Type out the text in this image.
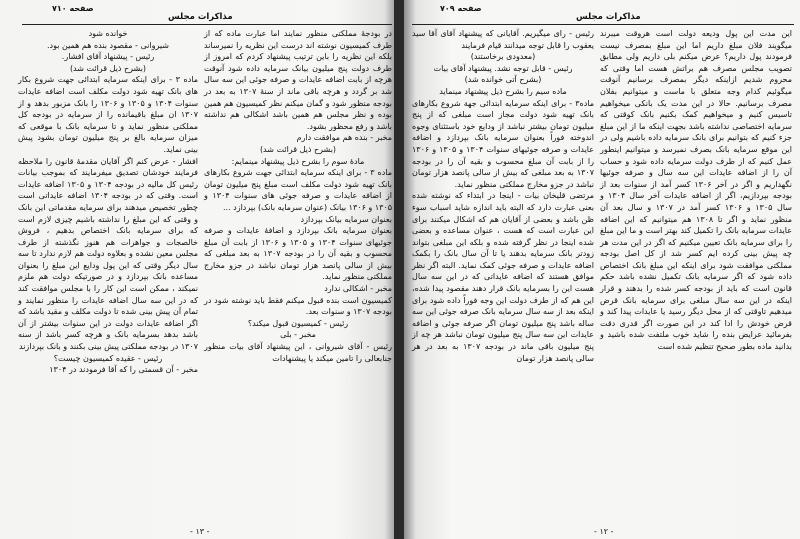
صفحه ۷۱۰
مذاکرات مجلس

در بودجهٔ مملکتی منظور نمایند اما عبارت ماده که از طرف کمیسیون نوشته اند درست این نظریه را نمیرساند بلکه این نظریه را باین ترتیب پیشنهاد کردم که امروز از طرف دولت پنج میلیون بیانک سرمایه داده شود آنوقت هرچه از بابت اضافه عایدات و صرفه جوئی این سه سال شد بر گردد و هرچه باقی ماند از سنهٔ ۱۳۰۷ به بعد در بودجه منظور شود و گمان میکنم نظر کمیسیون هم همین بوده و نظر مجلس هم همین باشد اشکالی هم نداشته باشد و رفع محظور بشود.

مخبر - بنده هم موافقت دارم

(بشرح ذیل قرائت شد)

مادهٔ سوم را بشرح ذیل پیشنهاد مینمایم:

ماده ۳ - برای اینکه سرمایه ابتدائی جهت شروع بکارهای بانک تهیه شود دولت مکلف است مبلغ پنج میلیون تومان از اضافه عایدات و صرفه جوئی های سنوات ۱۳۰۴ و ۱۳۰۵ و ۱۳۰۶ بیانک (عنوان سرمایه بانک) بپردازد ...

بعنوان سرمایه بیانک بپردازد

بعنوان سرمایه بانک بپردازد و اضافهٔ عایدات و صرفه جوئیهای سنوات ۱۳۰۴ و ۱۳۰۵ و ۱۳۰۶ از بابت آن مبلغ محسوب و بقیه آن را در بودجه ۱۳۰۷ به بعد مبلغی که بیش از سالی پانصد هزار تومان نباشد در جزو مخارج مملکتی منظور نماید.

مخبر - اشکالی ندارد

کمیسیون است بنده قبول میکنم فقط باید نوشته شود در بودجه ۱۳۰۷ و سنوات بعد.

رئیس - کمیسیون قبول میکند؟

مخبر - بلی

رئیس - آقای شیروانی ، این پیشنهاد آقای بیات منظور جنابعالی را تامین میکند یا پیشنهادات

خوانده شود

شیروانی - مقصود بنده هم همین بود.

رئیس - پیشنهاد آقای افشار.

(بشرح ذیل قرائت شد)

ماده ۳ - برای اینکه سرمایه ابتدائی جهت شروع بکار های بانک تهیه شود دولت مکلف است اضافه عایدات سنوات ۱۳۰۴ و ۱۳۰۵ و ۱۳۰۶ را بانک مزبور بدهد و از ۱۳۰۷ ان مبلغ باقیمانده را از سرمایه در بودجه کل مملکتی منظور نماید و تا سرمایه بانک با موقعی که میزان سرمایه بالغ بر پنج میلیون تومان بشود پیش بینی نماید.

افشار - عرض کنم اگر آقایان مقدمهٔ قانون را ملاحظه فرمایند خودشان تصدیق میفرمایند که بموجب بیانات رئیس کل مالیه در بودجه ۱۳۰۴ و ۱۳۰۵ اضافه عایدات است. وقتی که در بودجه ۱۳۰۴ اضافه عایداتی است چطور تخصیص میدهند برای سرمایه مقدماتی این بانک و وقتی که این مبلغ را نداشته باشیم چیزی لازم است که برای سرمایه بانک اختصاص بدهیم ، فروش خالصجات و جواهرات هم هنوز نگذشته از طرف مجلس معین نشده و بعلاوه دولت هم لازم ندارد تا سه سال دیگر وقتی که این پول ودایع این مبلغ را بعنوان مساعده بانک بپردازد و در صورتیکه دولت هم ملزم نمیکند ، ممکن است این کار را با مجلس موافقت کند که در این سه سال اضافه عایدات را منظور نمایند و تمام آن پیش بینی شده تا دولت مکلف و مقید باشد که اگر اضافه عایدات دولت در این سنوات بیشتر از آن باشد بدهد بسرمایه بانک و هرچه کسر باشد از سنه ۱۳۰۷ در بودجه مملکتی پیش بینی بکنند و بانک بپردازند

رئیس - عقیده کمیسیون چیست؟

مخبر - آن قسمتی را که آقا فرمودند در ۱۳۰۴

- ۱۳ -
صفحه ۷۰۹
مذاکرات مجلس

این مدت این پول ودیعه دولت است هروقت میبرند میگویند فلان مبلغ داریم اما این مبلغ بمصرف نیست فرمودند پول داریم؟ عرض میکنم بلی داریم ولی مطابق تصویب مجلس مصرف هم براتش هست اما وقتی که محروم شدیم ازاینکه دیگر بمصرف برسانیم آنوقت میگوئیم کدام وجه متعلق با ماست و میتوانیم بفلان مصرف برسانیم. حالا در این مدت یک بانکی میخواهیم تاسیس کنیم و میخواهیم کمک بکنیم بانک کوقتی که سرمایه اختصاصی نداشته باشد بجهت اینکه ما از این مبلغ جزء کنیم که بتوانیم برای بانک سرمایه داده باشیم ولی در این موقع سرمایه بانک بصرف نمیرسد و میتوانیم اینطور عمل کنیم که از طرف دولت سرمایه داده شود و حساب آن را از اضافه عایدات این سه سال و صرفه جوئیها نگهداریم و اگر در آخر ۱۳۰۶ کسر آمد از سنوات بعد از بودجه بپردازیم، اگر از اضافه عایدات آخر سال ۱۳۰۴ و سال ۱۳۰۵ و ۱۳۰۶ کسر آمد در ۱۳۰۷ و سال بعد آن منظور نماید و اگر تا ۱۳۰۸ هم میتوانیم که این اضافه عایدات سرمایه بانک را تکمیل کند بهتر است و ما این مبلغ را برای سرمایه بانک تعیین میکنیم که اگر در این مدت هر چه پیش بینی کرده ایم کسر شد از کل اصل بودجه مملکتی موافقت شود برای اینکه این مبلغ بانک اختصاص داده شود که اگر سرمایه بانک تکمیل نشده باشد حکم قانون است که باید از بودجه کسر شده را بدهند و قرار اینکه در این سه سال مبلغی برای سرمایه بانک قرض میدهیم تاوقتی که از محل دیگر رسید یا عایدات پیدا کند و قرض خودش را ادا کند در این صورت اگر قدری دقت بفرمائید عرایض بنده را شاید خوب ملتفت شده باشید و بدانید ماده بطور صحیح تنظیم شده است

رئیس - رای میگیریم. آقایانی که پیشنهاد آقای آقا سید یعقوب را قابل توجه میدانند قیام فرمایند

(معدودی برخاستند)

رئیس - قابل توجه نشد. پیشنهاد آقای بیات

(بشرح آتی خوانده شد)

ماده سیم را بشرح ذیل پیشنهاد مینماید

ماده۳ - برای اینکه سرمایه ابتدائی جهة شروع بکارهای بانک تهیه شود دولت مجاز است مبلغی که از پنج میلیون تومان بیشتر نباشد از ودایع خود باستثنای وجوه اندوخته فوراً بعنوان سرمایه بانک بپردازد و اضافه عایدات و صرفه جوئیهای سنوات ۱۳۰۴ و ۱۳۰۵ و ۱۳۰۶ را از بابت آن مبلغ محسوب و بقیه آن را در بودجه ۱۳۰۷ به بعد مبلغی که بیش از سالی پانصد هزار تومان نباشد در جزو مخارج مملکتی منظور نماید.

مرتضی قلیخان بیات - اینجا در ابتداء که نوشته شده بعنی عبارت دارد که البته باید اندازه شاید اسباب سوء ظن باشد و بعضی از آقایان هم که اشکال میکنند برای این عبارت است که هست ، عنوان مساعده و بعضی شده اینجا در نظر گرفته شده و بلکه این مبلغی بتواند زودتر بانک سرمایه بدهند یا تا آن سال بانک را بکمک اضافه عایدات و صرفه جوئی کمک نماید. البته اگر نظر موافق هستند که اضافه عایداتی که در این سه سال هست این را بسرمایه بانک قرار دهند مقصود پیدا شده، این هم که از طرف دولت این وجه فوراً داده شود برای اینکه بعد از سه سال سرمایه بانک صرفه جوئی این سه ساله باشد پنج میلیون تومان اگر صرفه جوئی و اضافه عایدات این سه سال پنج میلیون تومان نباشد هر چه از پنج میلیون باقی ماند در بودجه ۱۳۰۷ به بعد در هر سالی پانصد هزار تومان

- ۱۲ -
